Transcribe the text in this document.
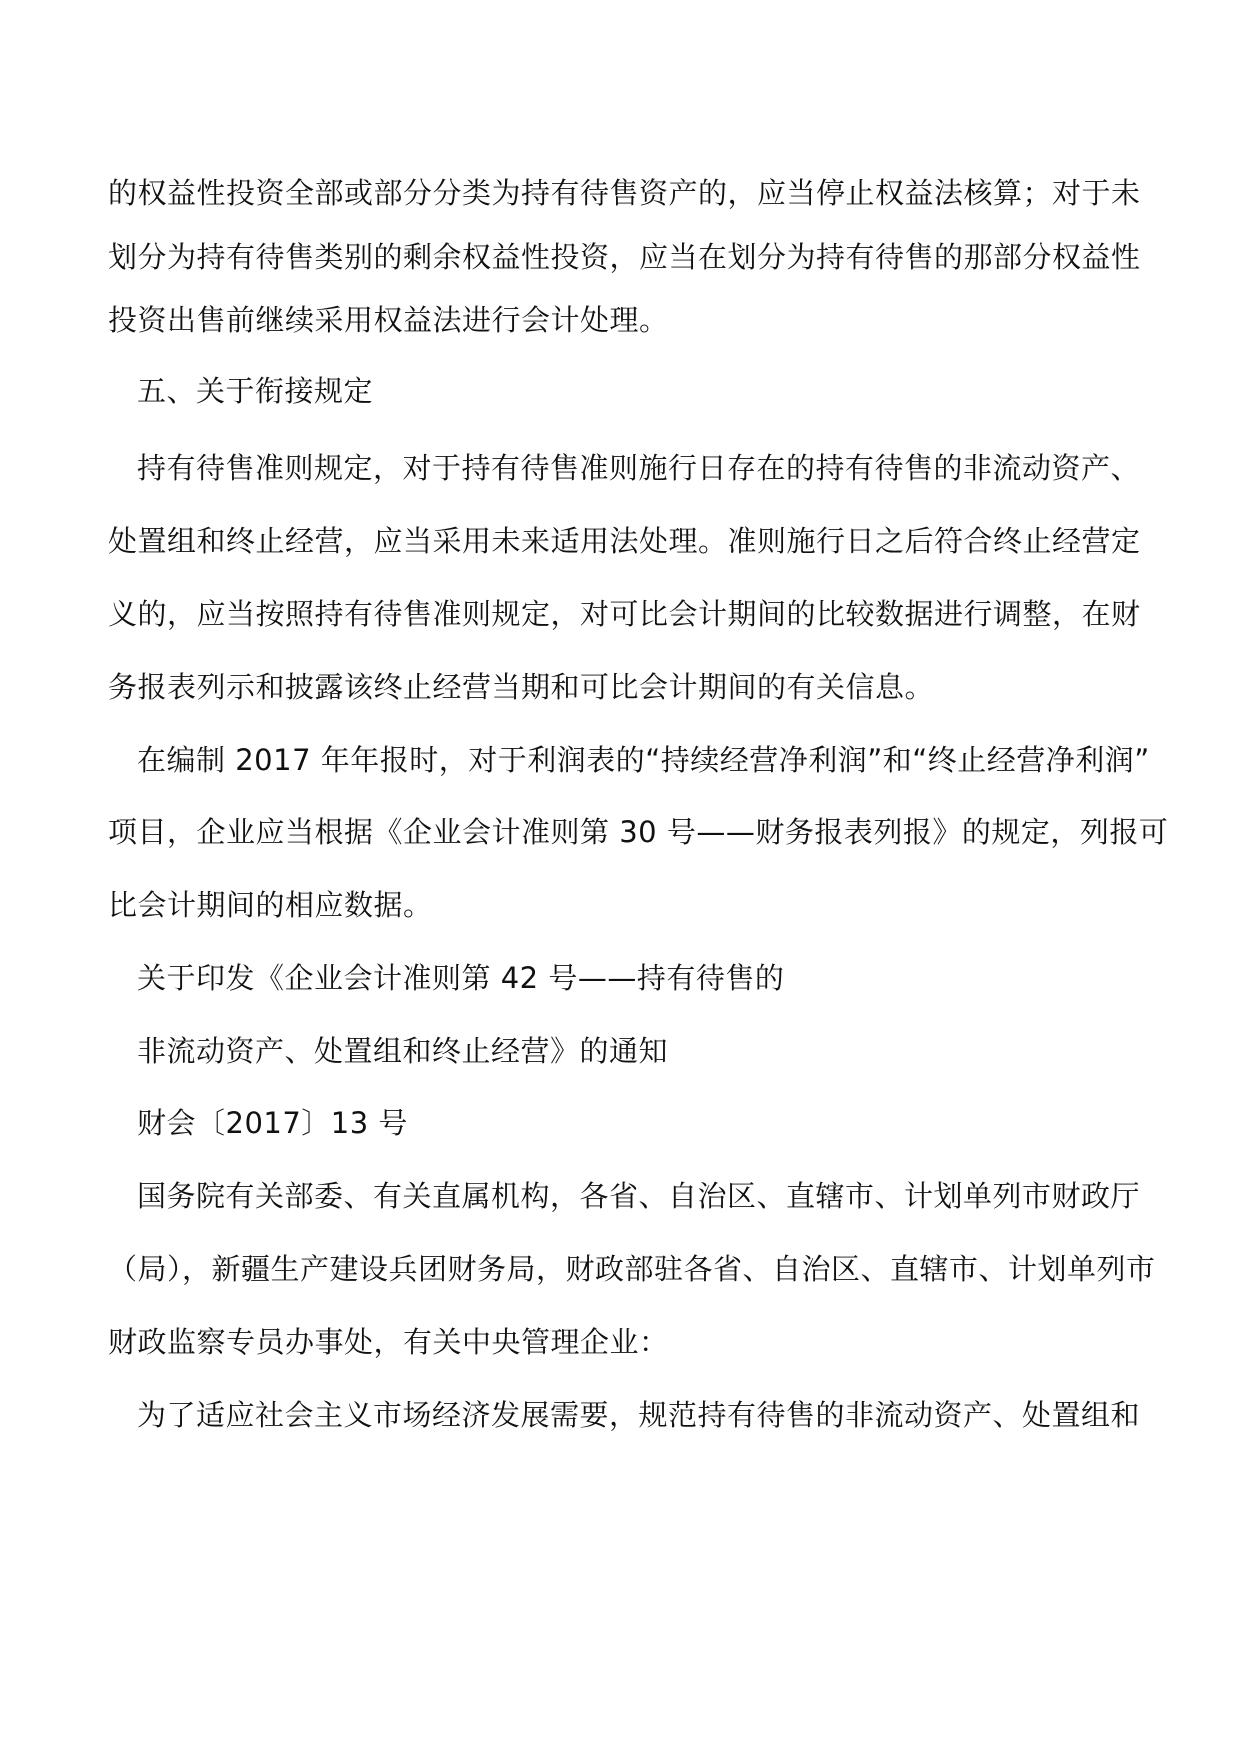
的权益性投资全部或部分分类为持有待售资产的，应当停止权益法核算；对于未
划分为持有待售类别的剩余权益性投资，应当在划分为持有待售的那部分权益性
投资出售前继续采用权益法进行会计处理。
五、关于衔接规定
持有待售准则规定，对于持有待售准则施行日存在的持有待售的非流动资产、
处置组和终止经营，应当采用未来适用法处理。准则施行日之后符合终止经营定
义的，应当按照持有待售准则规定，对可比会计期间的比较数据进行调整，在财
务报表列示和披露该终止经营当期和可比会计期间的有关信息。
在编制 2017 年年报时，对于利润表的“持续经营净利润”和“终止经营净利润”
项目，企业应当根据《企业会计准则第 30 号——财务报表列报》的规定，列报可
比会计期间的相应数据。
关于印发《企业会计准则第 42 号——持有待售的
非流动资产、处置组和终止经营》的通知
财会〔2017〕13 号
国务院有关部委、有关直属机构，各省、自治区、直辖市、计划单列市财政厅
（局），新疆生产建设兵团财务局，财政部驻各省、自治区、直辖市、计划单列市
财政监察专员办事处，有关中央管理企业：
为了适应社会主义市场经济发展需要，规范持有待售的非流动资产、处置组和
